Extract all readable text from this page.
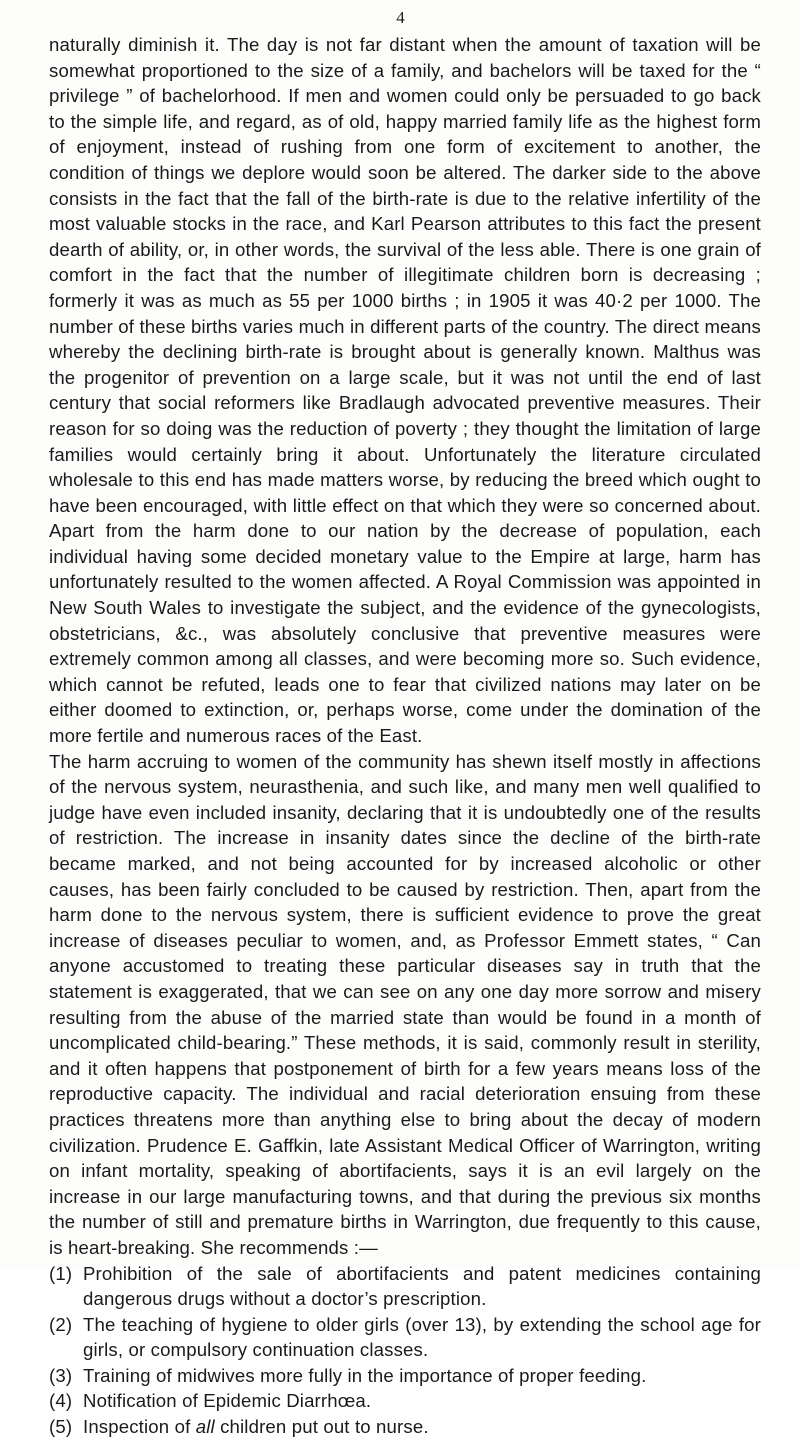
4

naturally diminish it. The day is not far distant when the amount of taxation will be somewhat proportioned to the size of a family, and bachelors will be taxed for the “ privilege ” of bachelorhood. If men and women could only be persuaded to go back to the simple life, and regard, as of old, happy married family life as the highest form of enjoyment, instead of rushing from one form of excitement to another, the condition of things we deplore would soon be altered. The darker side to the above consists in the fact that the fall of the birth-rate is due to the relative infertility of the most valuable stocks in the race, and Karl Pearson attributes to this fact the present dearth of ability, or, in other words, the survival of the less able. There is one grain of comfort in the fact that the number of illegitimate children born is decreasing ; formerly it was as much as 55 per 1000 births ; in 1905 it was 40·2 per 1000. The number of these births varies much in different parts of the country. The direct means whereby the declining birth-rate is brought about is generally known. Malthus was the progenitor of prevention on a large scale, but it was not until the end of last century that social reformers like Bradlaugh advocated preventive measures. Their reason for so doing was the reduction of poverty ; they thought the limitation of large families would certainly bring it about. Unfortunately the literature circulated wholesale to this end has made matters worse, by reducing the breed which ought to have been encouraged, with little effect on that which they were so concerned about. Apart from the harm done to our nation by the decrease of population, each individual having some decided monetary value to the Empire at large, harm has unfortunately resulted to the women affected. A Royal Commission was appointed in New South Wales to investigate the subject, and the evidence of the gynecologists, obstetricians, &c., was absolutely conclusive that preventive measures were extremely common among all classes, and were becoming more so. Such evidence, which cannot be refuted, leads one to fear that civilized nations may later on be either doomed to extinction, or, perhaps worse, come under the domination of the more fertile and numerous races of the East.

The harm accruing to women of the community has shewn itself mostly in affections of the nervous system, neurasthenia, and such like, and many men well qualified to judge have even included insanity, declaring that it is undoubtedly one of the results of restriction. The increase in insanity dates since the decline of the birth-rate became marked, and not being accounted for by increased alcoholic or other causes, has been fairly concluded to be caused by restriction. Then, apart from the harm done to the nervous system, there is sufficient evidence to prove the great increase of diseases peculiar to women, and, as Professor Emmett states, “ Can anyone accustomed to treating these particular diseases say in truth that the statement is exaggerated, that we can see on any one day more sorrow and misery resulting from the abuse of the married state than would be found in a month of uncomplicated child-bearing.” These methods, it is said, commonly result in sterility, and it often happens that postponement of birth for a few years means loss of the reproductive capacity. The individual and racial deterioration ensuing from these practices threatens more than anything else to bring about the decay of modern civilization. Prudence E. Gaffkin, late Assistant Medical Officer of Warrington, writing on infant mortality, speaking of abortifacients, says it is an evil largely on the increase in our large manufacturing towns, and that during the previous six months the number of still and premature births in Warrington, due frequently to this cause, is heart-breaking. She recommends :—

(1) Prohibition of the sale of abortifacients and patent medicines containing dangerous drugs without a doctor’s prescription.
(2) The teaching of hygiene to older girls (over 13), by extending the school age for girls, or compulsory continuation classes.
(3) Training of midwives more fully in the importance of proper feeding.
(4) Notification of Epidemic Diarrhœa.
(5) Inspection of all children put out to nurse.
